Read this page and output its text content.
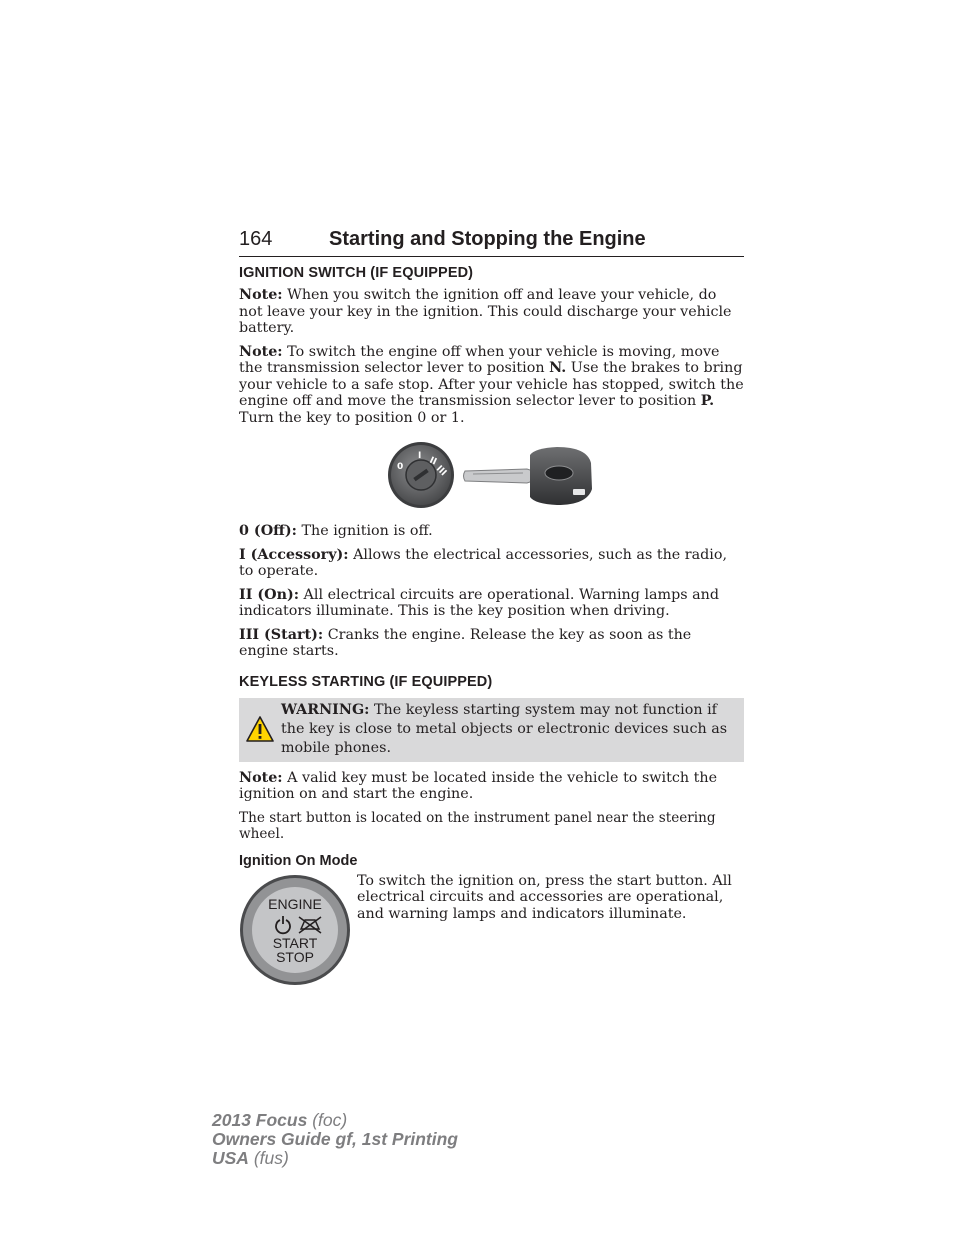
164	Starting and Stopping the Engine
IGNITION SWITCH (IF EQUIPPED)

Note: When you switch the ignition off and leave your vehicle, do not leave your key in the ignition. This could discharge your vehicle battery.

Note: To switch the engine off when your vehicle is moving, move the transmission selector lever to position N. Use the brakes to bring your vehicle to a safe stop. After your vehicle has stopped, switch the engine off and move the transmission selector lever to position P. Turn the key to position 0 or 1.

0
I II
III

0 (Off): The ignition is off.

I (Accessory): Allows the electrical accessories, such as the radio, to operate.

II (On): All electrical circuits are operational. Warning lamps and indicators illuminate. This is the key position when driving.

III (Start): Cranks the engine. Release the key as soon as the engine starts.

KEYLESS STARTING (IF EQUIPPED)

WARNING: The keyless starting system may not function if the key is close to metal objects or electronic devices such as mobile phones.

Note: A valid key must be located inside the vehicle to switch the ignition on and start the engine.

The start button is located on the instrument panel near the steering wheel.

Ignition On Mode
ENGINE
START
STOP

To switch the ignition on, press the start button. All electrical circuits and accessories are operational, and warning lamps and indicators illuminate.

2013 Focus (foc)
Owners Guide gf, 1st Printing
USA (fus)
